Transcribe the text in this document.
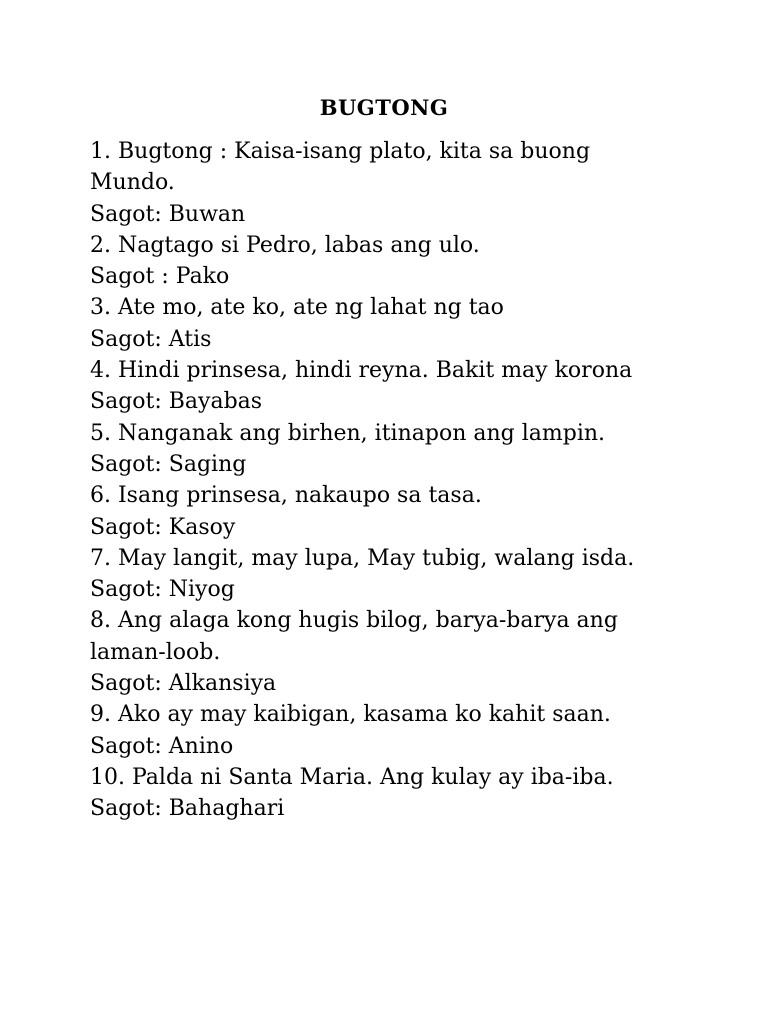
BUGTONG
1. Bugtong : Kaisa-isang plato, kita sa buong
Mundo.
Sagot: Buwan
2. Nagtago si Pedro, labas ang ulo.
Sagot : Pako
3. Ate mo, ate ko, ate ng lahat ng tao
Sagot: Atis
4. Hindi prinsesa, hindi reyna. Bakit may korona
Sagot: Bayabas
5. Nanganak ang birhen, itinapon ang lampin.
Sagot: Saging
6. Isang prinsesa, nakaupo sa tasa.
Sagot: Kasoy
7. May langit, may lupa, May tubig, walang isda.
Sagot: Niyog
8. Ang alaga kong hugis bilog, barya-barya ang
laman-loob.
Sagot: Alkansiya
9. Ako ay may kaibigan, kasama ko kahit saan.
Sagot: Anino
10. Palda ni Santa Maria. Ang kulay ay iba-iba.
Sagot: Bahaghari
